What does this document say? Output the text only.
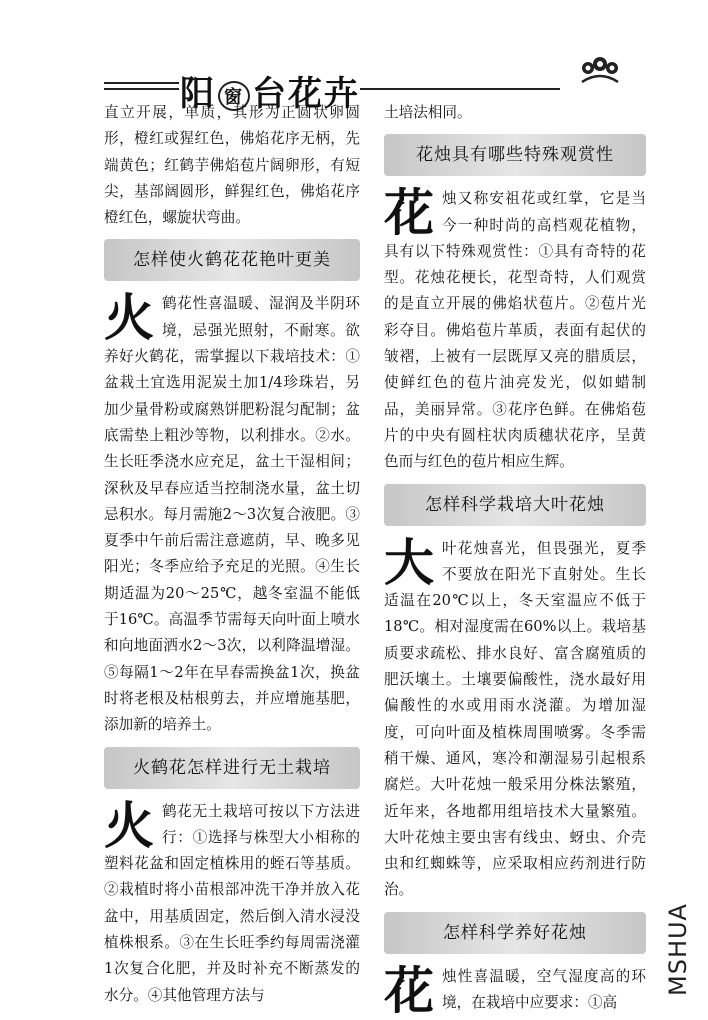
阳 窗 台花卉

直立开展，单质，其形为正圆状卵圆形，橙红或猩红色，佛焰花序无柄，先端黄色；红鹤芋佛焰苞片阔卵形，有短尖，基部阔圆形，鲜猩红色，佛焰花序橙红色，螺旋状弯曲。

怎样使火鹤花花艳叶更美

火鹤花性喜温暖、湿润及半阴环境，忌强光照射，不耐寒。欲养好火鹤花，需掌握以下栽培技术：①盆栽土宜选用泥炭土加1/4珍珠岩，另加少量骨粉或腐熟饼肥粉混匀配制；盆底需垫上粗沙等物，以利排水。②水。生长旺季浇水应充足，盆土干湿相间；深秋及早春应适当控制浇水量，盆土切忌积水。每月需施2～3次复合液肥。③夏季中午前后需注意遮荫，早、晚多见阳光；冬季应给予充足的光照。④生长期适温为20～25℃，越冬室温不能低于16℃。高温季节需每天向叶面上喷水和向地面洒水2～3次，以利降温增湿。⑤每隔1～2年在早春需换盆1次，换盆时将老根及枯根剪去，并应增施基肥，添加新的培养土。

火鹤花怎样进行无土栽培

火鹤花无土栽培可按以下方法进行：①选择与株型大小相称的塑料花盆和固定植株用的蛭石等基质。②栽植时将小苗根部冲洗干净并放入花盆中，用基质固定，然后倒入清水浸没植株根系。③在生长旺季约每周需浇灌1次复合化肥，并及时补充不断蒸发的水分。④其他管理方法与

土培法相同。

花烛具有哪些特殊观赏性

花烛又称安祖花或红掌，它是当今一种时尚的高档观花植物，具有以下特殊观赏性：①具有奇特的花型。花烛花梗长，花型奇特，人们观赏的是直立开展的佛焰状苞片。②苞片光彩夺目。佛焰苞片革质，表面有起伏的皱褶，上被有一层既厚又亮的腊质层，使鲜红色的苞片油亮发光，似如蜡制品，美丽异常。③花序色鲜。在佛焰苞片的中央有圆柱状肉质穗状花序，呈黄色而与红色的苞片相应生辉。

怎样科学栽培大叶花烛

大叶花烛喜光，但畏强光，夏季不要放在阳光下直射处。生长适温在20℃以上，冬天室温应不低于18℃。相对湿度需在60%以上。栽培基质要求疏松、排水良好、富含腐殖质的肥沃壤土。土壤要偏酸性，浇水最好用偏酸性的水或用雨水浇灌。为增加湿度，可向叶面及植株周围喷雾。冬季需稍干燥、通风，寒冷和潮湿易引起根系腐烂。大叶花烛一般采用分株法繁殖，近年来，各地都用组培技术大量繁殖。大叶花烛主要虫害有线虫、蚜虫、介壳虫和红蜘蛛等，应采取相应药剂进行防治。

怎样科学养好花烛

花烛性喜温暖，空气湿度高的环境，在栽培中应要求：①高

MSHUA
